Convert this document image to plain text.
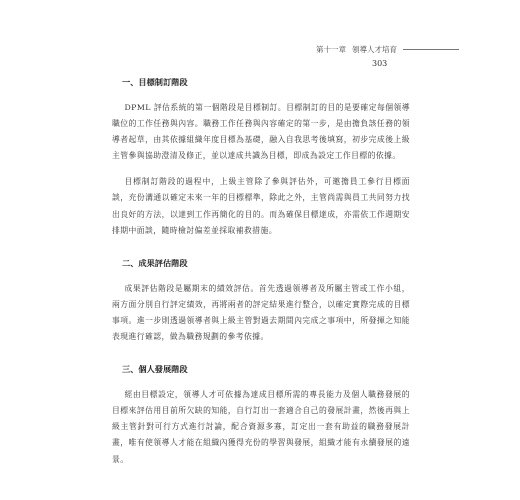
第十一章 領導人才培育
303
一、目標制訂階段

DPML 評估系統的第一個階段是目標制訂。目標制訂的目的是要確定每個領導職位的工作任務與內容。職務工作任務與內容確定的第一步，是由擔負該任務的領導者起草，由其依據組織年度目標為基礎，融入自我思考後填寫，初步完成後上級主管參與協助澄清及修正，並以達成共識為目標，即成為設定工作目標的依據。

目標制訂階段的過程中，上級主管除了參與評估外，可邀擔員工參行目標面談，充份溝通以確定未來一年的目標標準，除此之外，主管尚需與員工共同努力找出良好的方法，以達到工作再簡化的目的。而為確保目標達成，亦需依工作週期安排期中面談，隨時檢討偏差並採取補救措施。

二、成果評估階段

成果評估階段是屬期末的績效評估。首先透過領導者及所屬主管或工作小組，兩方面分別自行評定績效，再將兩者的評定結果進行整合，以確定實際完成的目標事項。進一步則透過領導者與上級主管對過去期間內完成之事項中，所發揮之知能表現進行確認，做為職務規劃的參考依據。

三、個人發展階段

經由目標設定，領導人才可依據為達成目標所需的專長能力及個人職務發展的目標來評估用目前所欠缺的知能，自行訂出一套適合自己的發展計畫，然後再與上級主管針對可行方式進行討論，配合資源多寡，訂定出一套有助益的職務發展計畫，唯有使領導人才能在組織內獲得充份的學習與發展，組織才能有永續發展的遠景。
